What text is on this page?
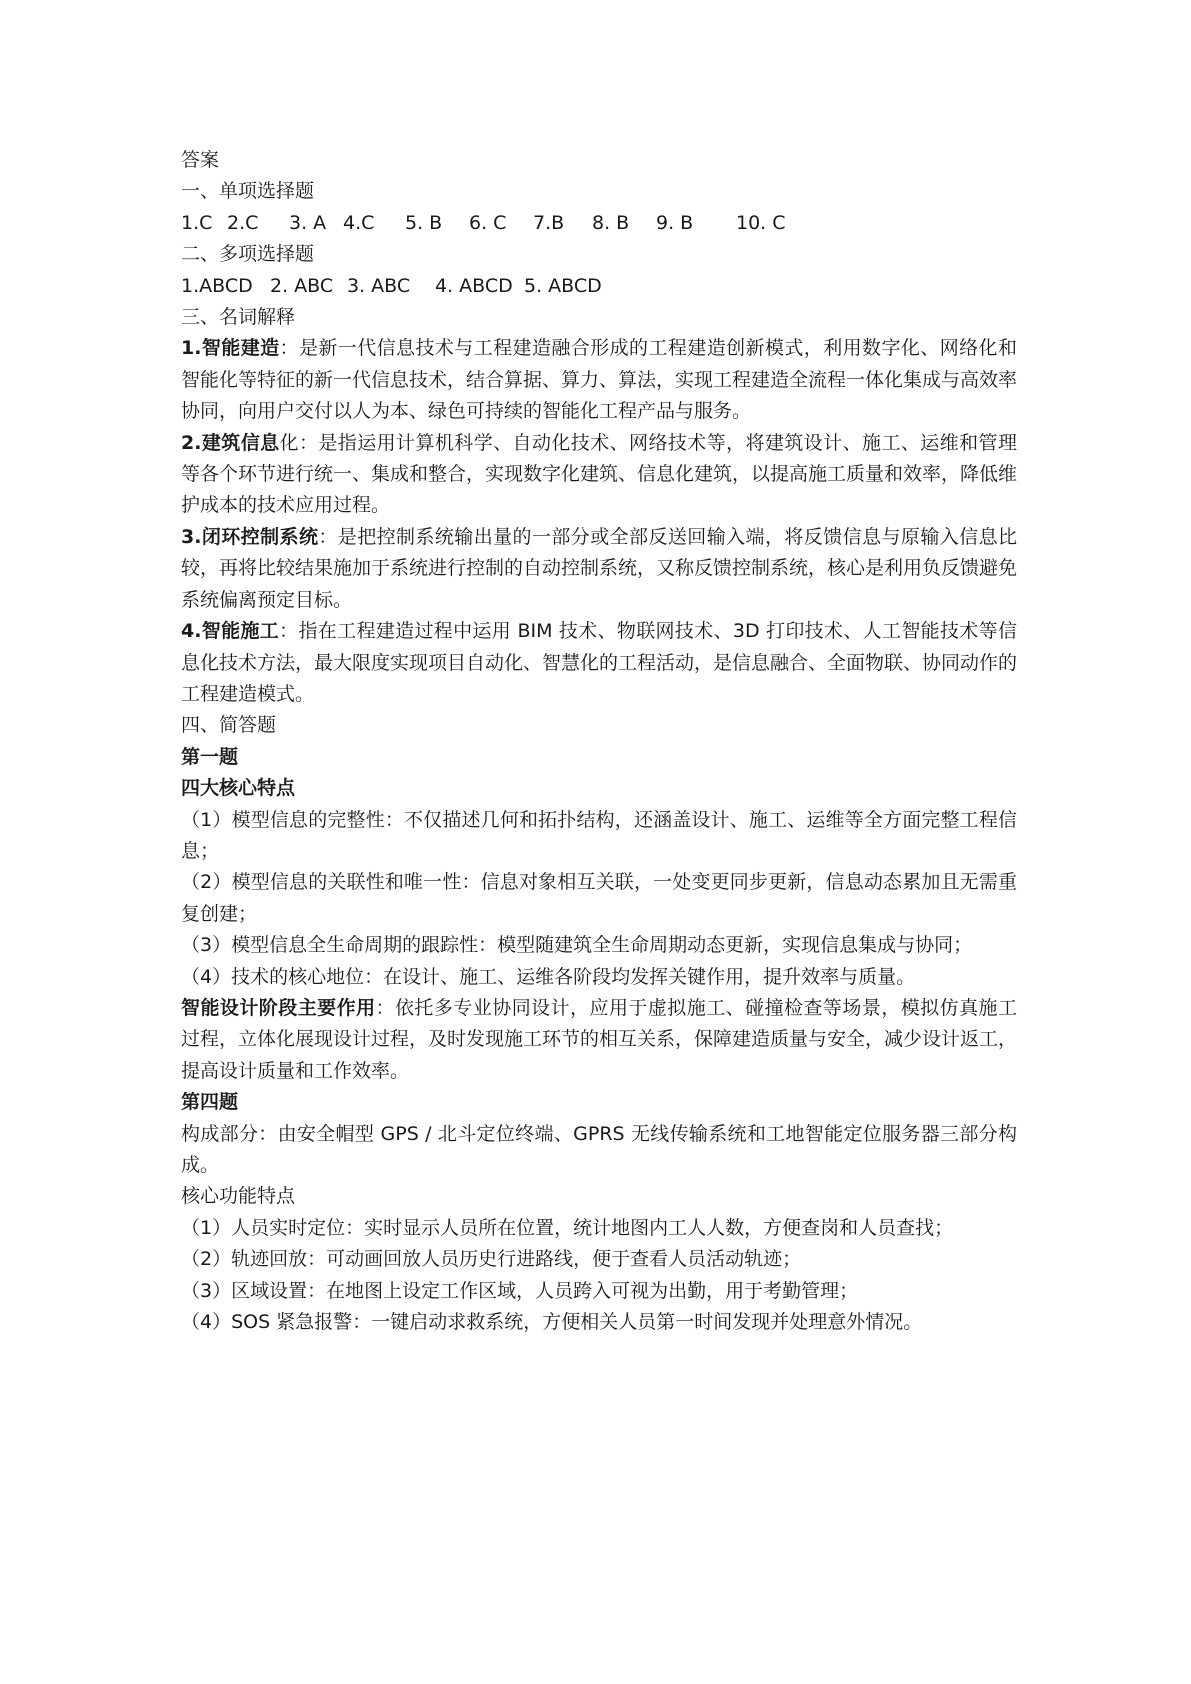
答案

一、单项选择题

1.C 2.C 3. A 4.C 5. B 6. C 7.B 8. B 9. B 10. C

二、多项选择题

1.ABCD 2. ABC 3. ABC 4. ABCD 5. ABCD

三、名词解释

1.智能建造：是新一代信息技术与工程建造融合形成的工程建造创新模式，利用数字化、网络化和智能化等特征的新一代信息技术，结合算据、算力、算法，实现工程建造全流程一体化集成与高效率协同，向用户交付以人为本、绿色可持续的智能化工程产品与服务。

2.建筑信息化：是指运用计算机科学、自动化技术、网络技术等，将建筑设计、施工、运维和管理等各个环节进行统一、集成和整合，实现数字化建筑、信息化建筑，以提高施工质量和效率，降低维护成本的技术应用过程。

3.闭环控制系统：是把控制系统输出量的一部分或全部反送回输入端，将反馈信息与原输入信息比较，再将比较结果施加于系统进行控制的自动控制系统，又称反馈控制系统，核心是利用负反馈避免系统偏离预定目标。

4.智能施工：指在工程建造过程中运用 BIM 技术、物联网技术、3D 打印技术、人工智能技术等信息化技术方法，最大限度实现项目自动化、智慧化的工程活动，是信息融合、全面物联、协同动作的工程建造模式。

四、简答题

第一题

四大核心特点

（1）模型信息的完整性：不仅描述几何和拓扑结构，还涵盖设计、施工、运维等全方面完整工程信息；

（2）模型信息的关联性和唯一性：信息对象相互关联，一处变更同步更新，信息动态累加且无需重复创建；

（3）模型信息全生命周期的跟踪性：模型随建筑全生命周期动态更新，实现信息集成与协同；

（4）技术的核心地位：在设计、施工、运维各阶段均发挥关键作用，提升效率与质量。

智能设计阶段主要作用：依托多专业协同设计，应用于虚拟施工、碰撞检查等场景，模拟仿真施工过程，立体化展现设计过程，及时发现施工环节的相互关系，保障建造质量与安全，减少设计返工，提高设计质量和工作效率。

第四题

构成部分：由安全帽型 GPS / 北斗定位终端、GPRS 无线传输系统和工地智能定位服务器三部分构成。

核心功能特点

（1）人员实时定位：实时显示人员所在位置，统计地图内工人人数，方便查岗和人员查找；

（2）轨迹回放：可动画回放人员历史行进路线，便于查看人员活动轨迹；

（3）区域设置：在地图上设定工作区域，人员跨入可视为出勤，用于考勤管理；

（4）SOS 紧急报警：一键启动求救系统，方便相关人员第一时间发现并处理意外情况。
